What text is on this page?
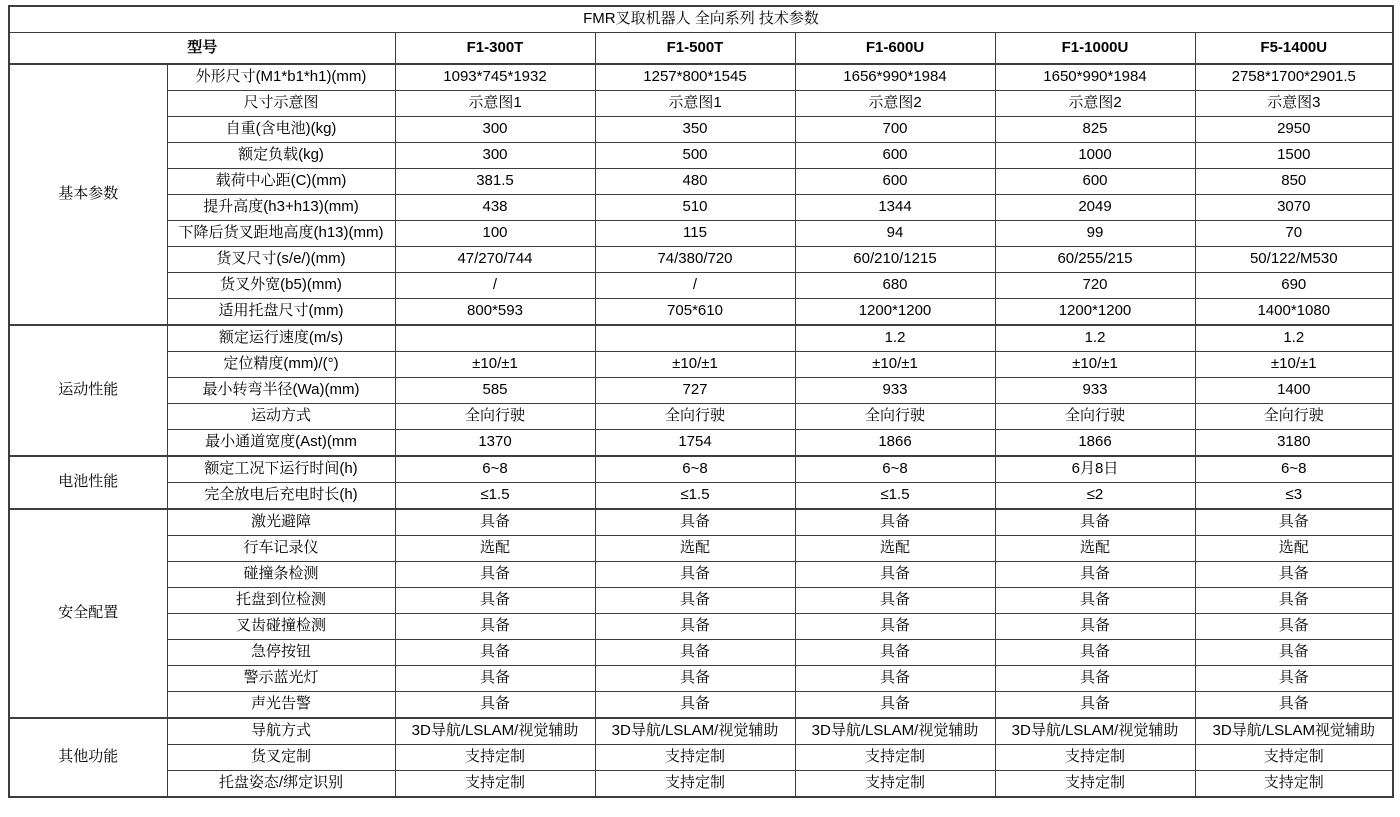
FMR叉取机器人 全向系列 技术参数						
型号		F1-300T	F1-500T	F1-600U	F1-1000U	F5-1400U
基本参数	外形尺寸(M1*b1*h1)(mm)	1093*745*1932	1257*800*1545	1656*990*1984	1650*990*1984	2758*1700*2901.5
	尺寸示意图	示意图1	示意图1	示意图2	示意图2	示意图3
	自重(含电池)(kg)	300	350	700	825	2950
	额定负载(kg)	300	500	600	1000	1500
	载荷中心距(C)(mm)	381.5	480	600	600	850
	提升高度(h3+h13)(mm)	438	510	1344	2049	3070
	下降后货叉距地高度(h13)(mm)	100	115	94	99	70
	货叉尺寸(s/e/)(mm)	47/270/744	74/380/720	60/210/1215	60/255/215	50/122/M530
	货叉外宽(b5)(mm)	/	/	680	720	690
	适用托盘尺寸(mm)	800*593	705*610	1200*1200	1200*1200	1400*1080
运动性能	额定运行速度(m/s)			1.2	1.2	1.2
	定位精度(mm)/(°)	±10/±1	±10/±1	±10/±1	±10/±1	±10/±1
	最小转弯半径(Wa)(mm)	585	727	933	933	1400
	运动方式	全向行驶	全向行驶	全向行驶	全向行驶	全向行驶
	最小通道宽度(Ast)(mm	1370	1754	1866	1866	3180
电池性能	额定工况下运行时间(h)	6~8	6~8	6~8	6月8日	6~8
	完全放电后充电时长(h)	≤1.5	≤1.5	≤1.5	≤2	≤3
安全配置	激光避障	具备	具备	具备	具备	具备
	行车记录仪	选配	选配	选配	选配	选配
	碰撞条检测	具备	具备	具备	具备	具备
	托盘到位检测	具备	具备	具备	具备	具备
	叉齿碰撞检测	具备	具备	具备	具备	具备
	急停按钮	具备	具备	具备	具备	具备
	警示蓝光灯	具备	具备	具备	具备	具备
	声光告警	具备	具备	具备	具备	具备
其他功能	导航方式	3D导航/LSLAM/视觉辅助	3D导航/LSLAM/视觉辅助	3D导航/LSLAM/视觉辅助	3D导航/LSLAM/视觉辅助	3D导航/LSLAM视觉辅助
	货叉定制	支持定制	支持定制	支持定制	支持定制	支持定制
	托盘姿态/绑定识别	支持定制	支持定制	支持定制	支持定制	支持定制
